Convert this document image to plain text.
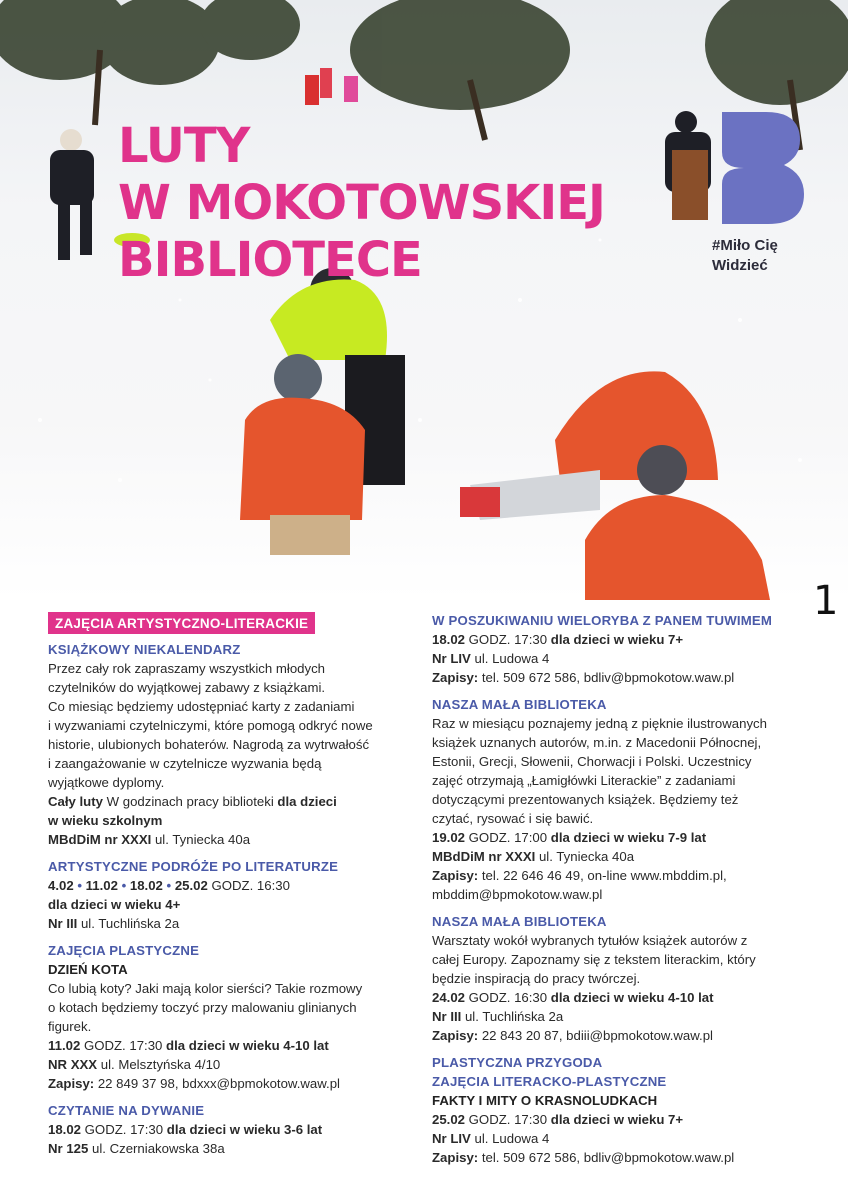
LUTY
W MOKOTOWSKIEJ
BIBLIOTECE	#Miło Cię
Widzieć
1
ZAJĘCIA ARTYSTYCZNO-LITERACKIE
KSIĄŻKOWY NIEKALENDARZ

Przez cały rok zapraszamy wszystkich młodych

czytelników do wyjątkowej zabawy z książkami.

Co miesiąc będziemy udostępniać karty z zadaniami

i wyzwaniami czytelniczymi, które pomogą odkryć nowe

historie, ulubionych bohaterów. Nagrodą za wytrwałość

i zaangażowanie w czytelnicze wyzwania będą

wyjątkowe dyplomy.

Cały luty W godzinach pracy biblioteki dla dzieci

w wieku szkolnym

MBdDiM nr XXXI ul. Tyniecka 40a

ARTYSTYCZNE PODRÓŻE PO LITERATURZE

4.02 • 11.02 • 18.02 • 25.02 GODZ. 16:30

dla dzieci w wieku 4+

Nr III ul. Tuchlińska 2a

ZAJĘCIA PLASTYCZNE
DZIEŃ KOTA

Co lubią koty? Jaki mają kolor sierści? Takie rozmowy

o kotach będziemy toczyć przy malowaniu glinianych

figurek.

11.02 GODZ. 17:30 dla dzieci w wieku 4-10 lat

NR XXX ul. Melsztyńska 4/10

Zapisy: 22 849 37 98, bdxxx@bpmokotow.waw.pl

CZYTANIE NA DYWANIE

18.02 GODZ. 17:30 dla dzieci w wieku 3-6 lat

Nr 125 ul. Czerniakowska 38a

W POSZUKIWANIU WIELORYBA Z PANEM TUWIMEM

18.02 GODZ. 17:30 dla dzieci w wieku 7+

Nr LIV ul. Ludowa 4

Zapisy: tel. 509 672 586, bdliv@bpmokotow.waw.pl

NASZA MAŁA BIBLIOTEKA

Raz w miesiącu poznajemy jedną z pięknie ilustrowanych

książek uznanych autorów, m.in. z Macedonii Północnej,

Estonii, Grecji, Słowenii, Chorwacji i Polski. Uczestnicy

zajęć otrzymają „Łamigłówki Literackie” z zadaniami

dotyczącymi prezentowanych książek. Będziemy też

czytać, rysować i się bawić.

19.02 GODZ. 17:00 dla dzieci w wieku 7-9 lat

MBdDiM nr XXXI ul. Tyniecka 40a

Zapisy: tel. 22 646 46 49, on-line www.mbddim.pl,

mbddim@bpmokotow.waw.pl

NASZA MAŁA BIBLIOTEKA

Warsztaty wokół wybranych tytułów książek autorów z

całej Europy. Zapoznamy się z tekstem literackim, który

będzie inspiracją do pracy twórczej.

24.02 GODZ. 16:30 dla dzieci w wieku 4-10 lat

Nr III ul. Tuchlińska 2a

Zapisy: 22 843 20 87, bdiii@bpmokotow.waw.pl

PLASTYCZNA PRZYGODA
ZAJĘCIA LITERACKO-PLASTYCZNE
FAKTY I MITY O KRASNOLUDKACH

25.02 GODZ. 17:30 dla dzieci w wieku 7+

Nr LIV ul. Ludowa 4

Zapisy: tel. 509 672 586, bdliv@bpmokotow.waw.pl
